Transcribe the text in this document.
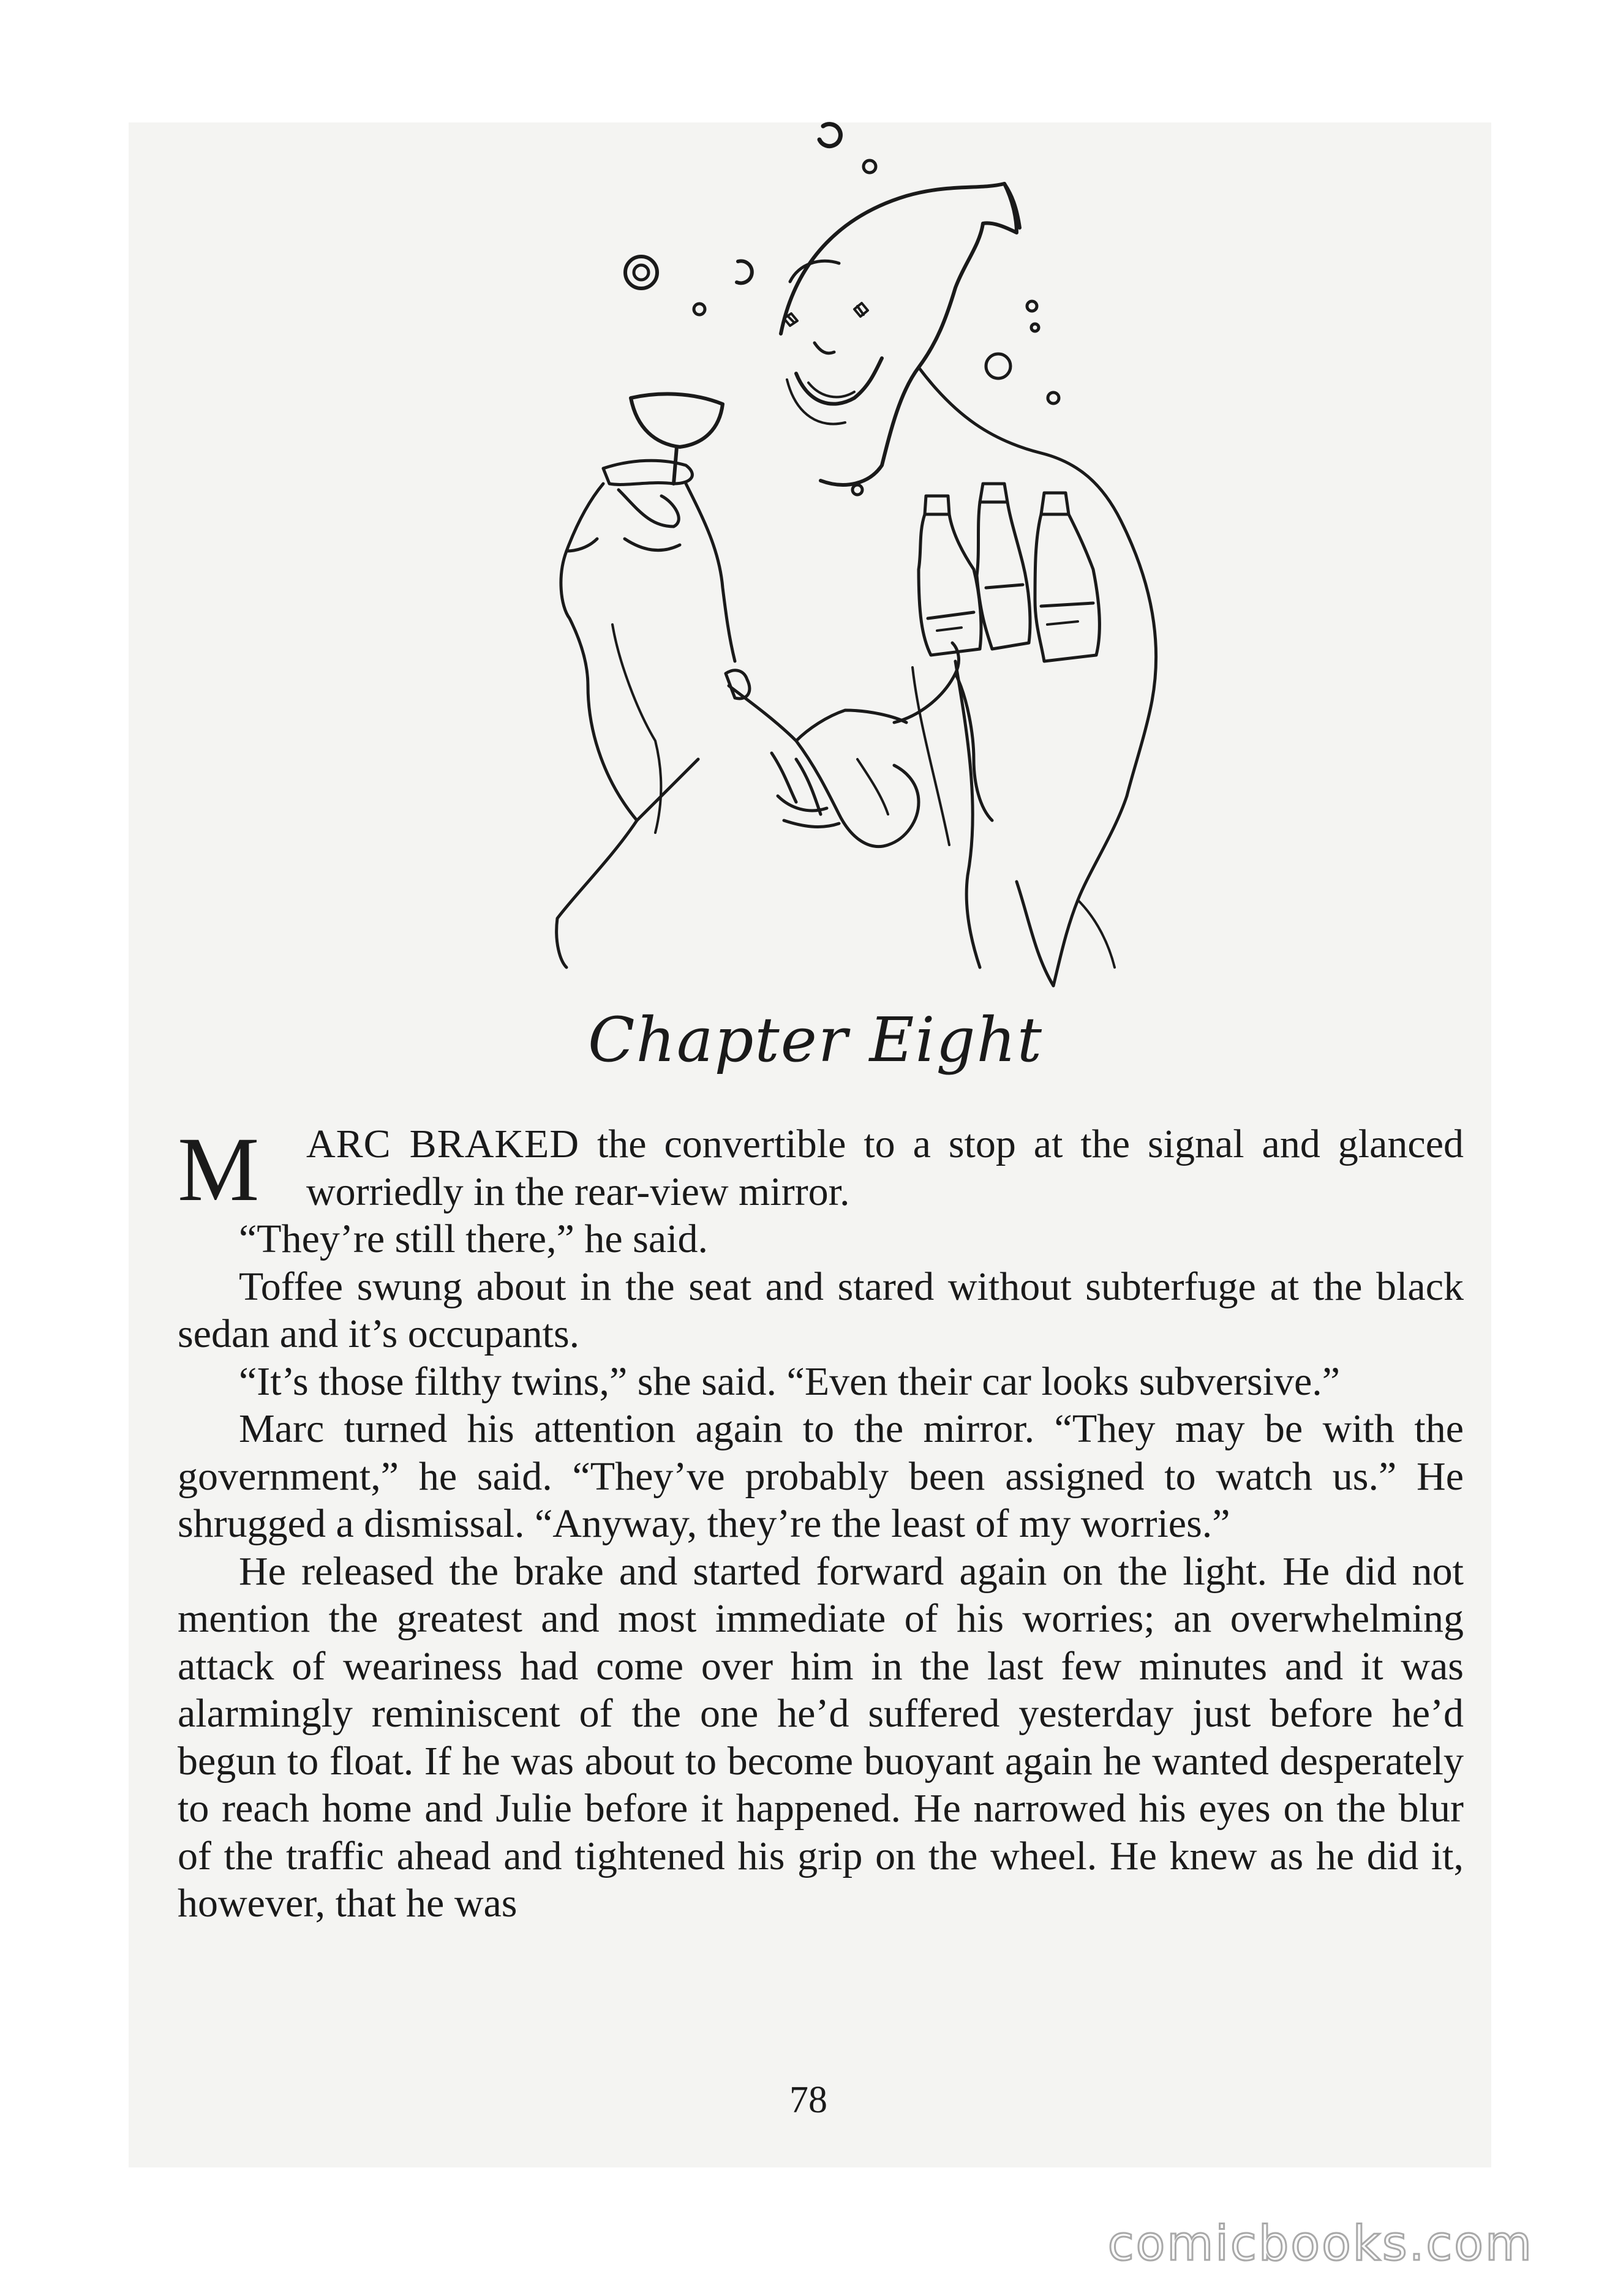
Chapter Eight

M ARC BRAKED the convertible to a stop at the signal and glanced worriedly in the rear-view mirror.

“They’re still there,” he said.

Toffee swung about in the seat and stared without subterfuge at the black sedan and it’s occupants.

“It’s those filthy twins,” she said. “Even their car looks subversive.”

Marc turned his attention again to the mirror. “They may be with the government,” he said. “They’ve probably been assigned to watch us.” He shrugged a dismissal. “Anyway, they’re the least of my worries.”

He released the brake and started forward again on the light. He did not mention the greatest and most immediate of his worries; an overwhelming attack of weariness had come over him in the last few minutes and it was alarmingly reminiscent of the one he’d suffered yesterday just before he’d begun to float. If he was about to become buoyant again he wanted desperately to reach home and Julie before it happened. He narrowed his eyes on the blur of the traffic ahead and tightened his grip on the wheel. He knew as he did it, however, that he was

78
comicbooks.com
